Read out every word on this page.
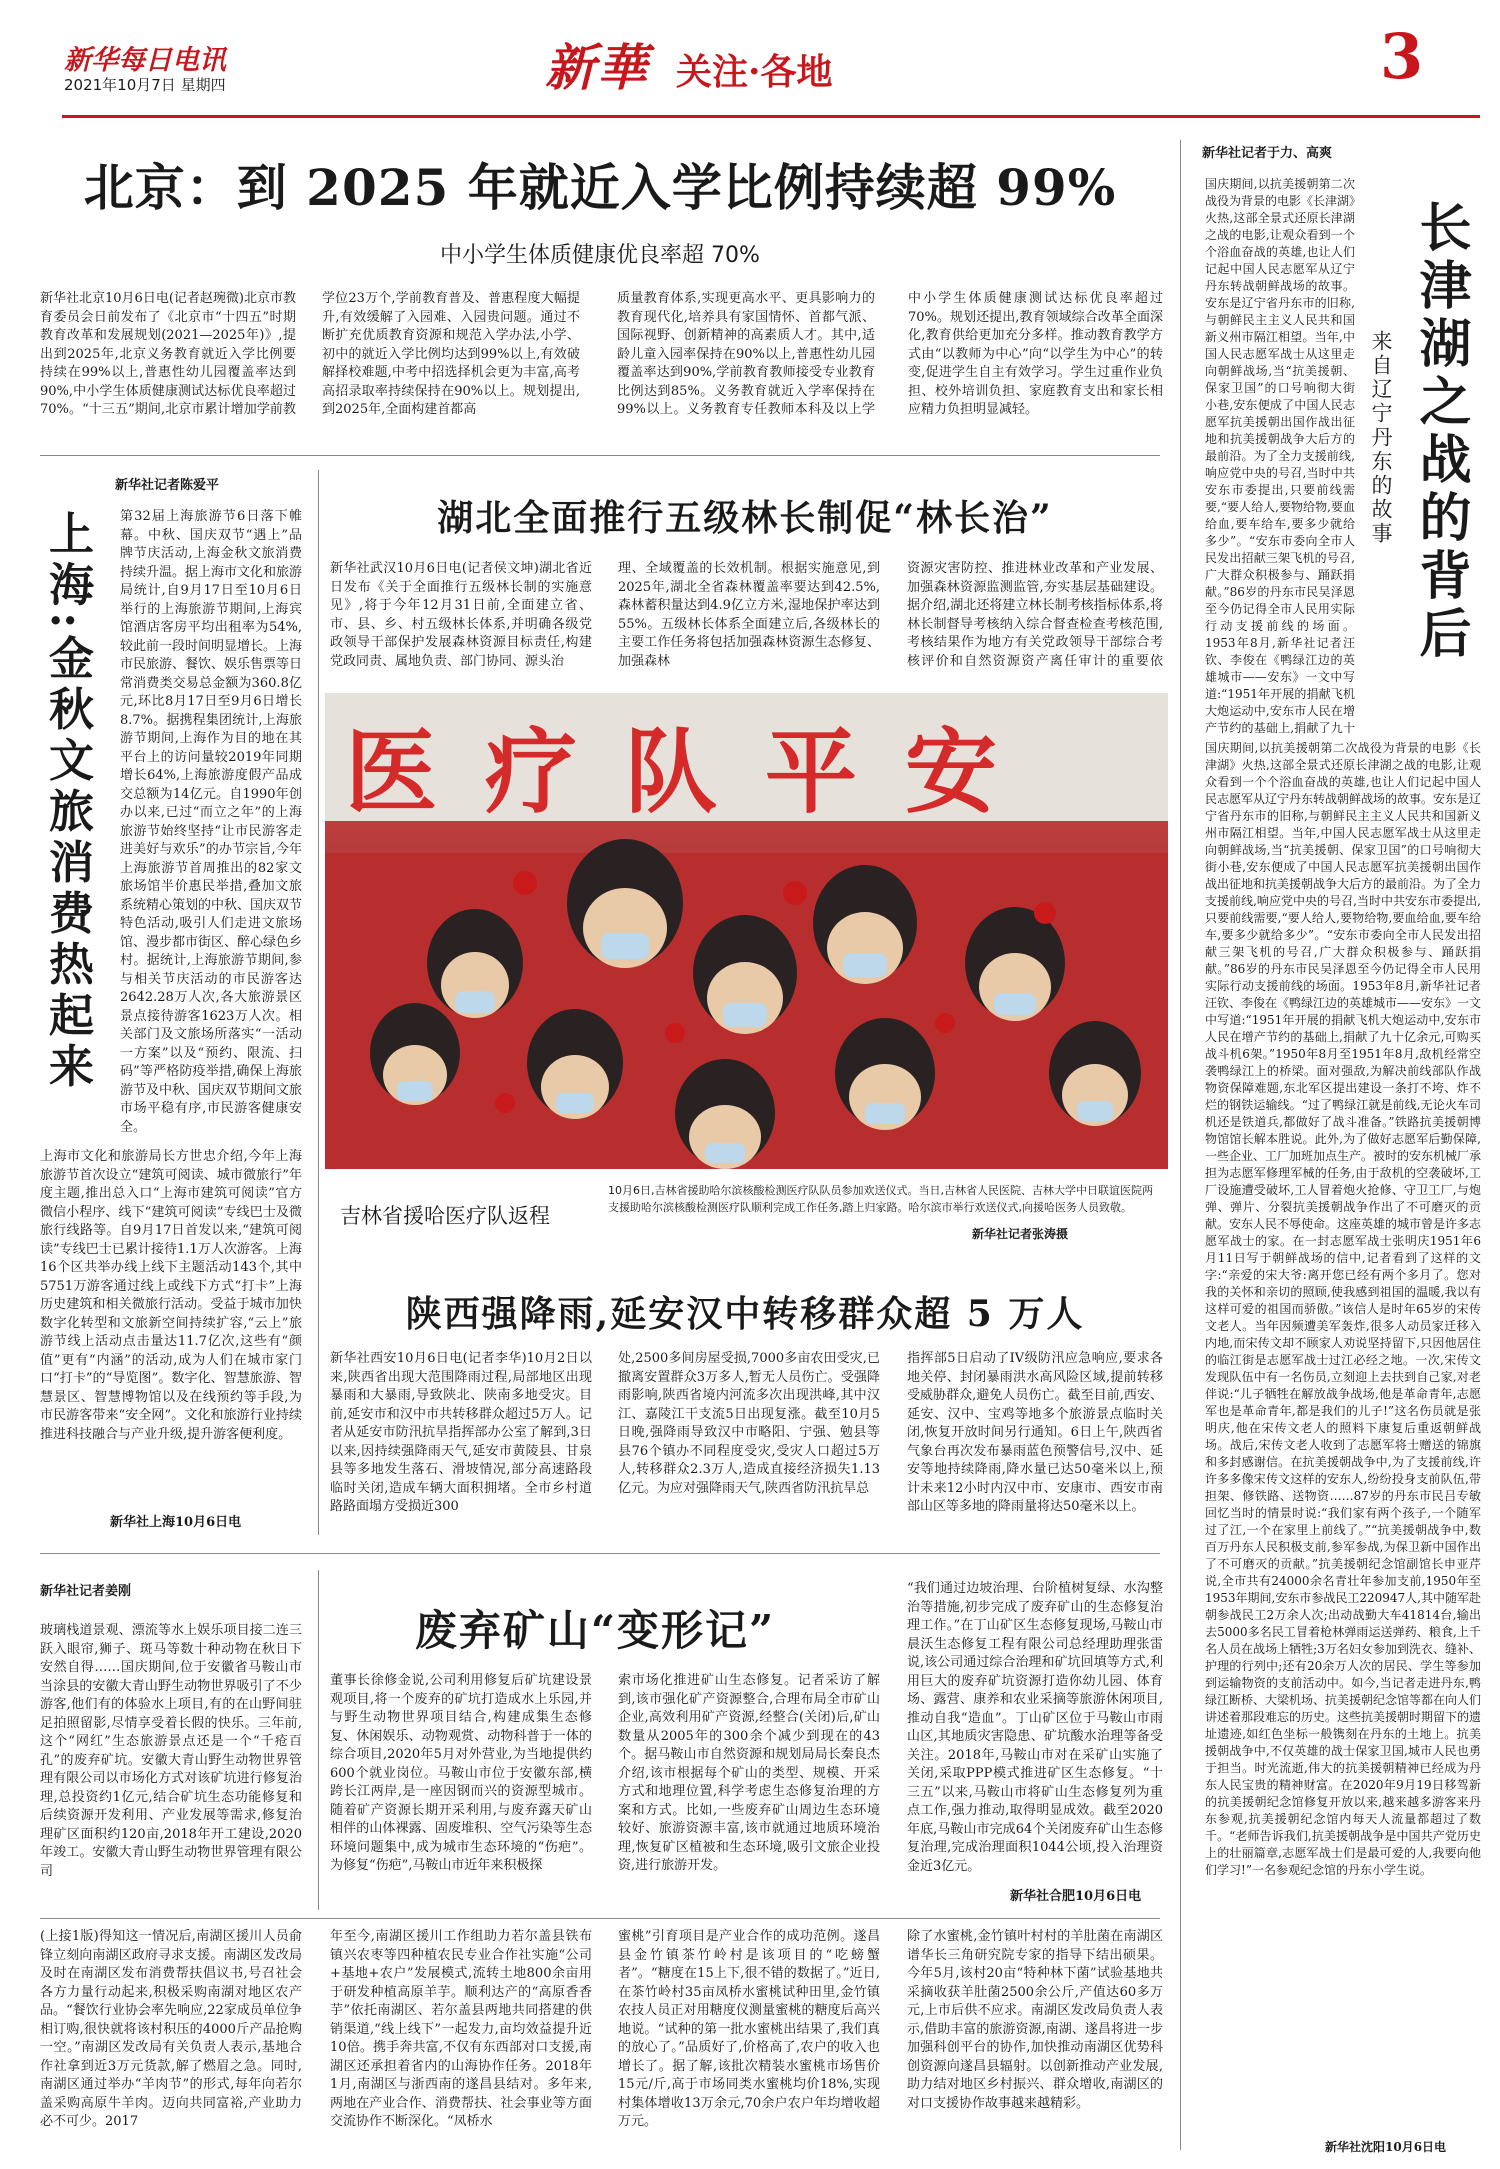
新华每日电讯
2021年10月7日 星期四	新華 关注·各地	3
北京：到 2025 年就近入学比例持续超 99%
中小学生体质健康优良率超 70%
新华社北京10月6日电(记者赵琬微)北京市教育委员会日前发布了《北京市“十四五”时期教育改革和发展规划(2021—2025年)》,提出到2025年,北京义务教育就近入学比例要持续在99%以上,普惠性幼儿园覆盖率达到90%,中小学生体质健康测试达标优良率超过70%。“十三五”期间,北京市累计增加学前教
学位23万个,学前教育普及、普惠程度大幅提升,有效缓解了入园难、入园贵问题。通过不断扩充优质教育资源和规范入学办法,小学、初中的就近入学比例均达到99%以上,有效破解择校难题,中考中招选择机会更为丰富,高考高招录取率持续保持在90%以上。规划提出,到2025年,全面构建首都高
质量教育体系,实现更高水平、更具影响力的教育现代化,培养具有家国情怀、首都气派、国际视野、创新精神的高素质人才。其中,适龄儿童入园率保持在90%以上,普惠性幼儿园覆盖率达到90%,学前教育教师接受专业教育比例达到85%。义务教育就近入学率保持在99%以上。义务教育专任教师本科及以上学
中小学生体质健康测试达标优良率超过70%。规划还提出,教育领域综合改革全面深化,教育供给更加充分多样。推动教育教学方式由“以教师为中心”向“以学生为中心”的转变,促进学生自主有效学习。学生过重作业负担、校外培训负担、家庭教育支出和家长相应精力负担明显减轻。
新华社记者陈爱平
上海:金秋文旅消费热起来 第32届上海旅游节6日落下帷幕。中秋、国庆双节“遇上”品牌节庆活动,上海金秋文旅消费持续升温。据上海市文化和旅游局统计,自9月17日至10月6日举行的上海旅游节期间,上海宾馆酒店客房平均出租率为54%,较此前一段时间明显增长。上海市民旅游、餐饮、娱乐售票等日常消费类交易总金额为360.8亿元,环比8月17日至9月6日增长8.7%。据携程集团统计,上海旅游节期间,上海作为目的地在其平台上的访问量较2019年同期增长64%,上海旅游度假产品成交总额为14亿元。自1990年创办以来,已过“而立之年”的上海旅游节始终坚持“让市民游客走进美好与欢乐”的办节宗旨,今年上海旅游节首周推出的82家文旅场馆半价惠民举措,叠加文旅系统精心策划的中秋、国庆双节特色活动,吸引人们走进文旅场馆、漫步都市街区、醉心绿色乡村。据统计,上海旅游节期间,参与相关节庆活动的市民游客达2642.28万人次,各大旅游景区景点接待游客1623万人次。相关部门及文旅场所落实“一活动一方案”以及“预约、限流、扫码”等严格防疫举措,确保上海旅游节及中秋、国庆双节期间文旅市场平稳有序,市民游客健康安全。
上海市文化和旅游局长方世忠介绍,今年上海旅游节首次设立“建筑可阅读、城市微旅行”年度主题,推出总入口“上海市建筑可阅读”官方微信小程序、线下“建筑可阅读”专线巴士及微旅行线路等。自9月17日首发以来,“建筑可阅读”专线巴士已累计接待1.1万人次游客。上海16个区共举办线上线下主题活动143个,其中5751万游客通过线上或线下方式“打卡”上海历史建筑和相关微旅行活动。受益于城市加快数字化转型和文旅新空间持续扩容,“云上”旅游节线上活动点击量达11.7亿次,这些有“颜值”更有“内涵”的活动,成为人们在城市家门口“打卡”的“导览图”。数字化、智慧旅游、智慧景区、智慧博物馆以及在线预约等手段,为市民游客带来“安全网”。文化和旅游行业持续推进科技融合与产业升级,提升游客便利度。
新华社上海10月6日电
湖北全面推行五级林长制促“林长治”
新华社武汉10月6日电(记者侯文坤)湖北省近日发布《关于全面推行五级林长制的实施意见》,将于今年12月31日前,全面建立省、市、县、乡、村五级林长体系,并明确各级党政领导干部保护发展森林资源目标责任,构建党政同责、属地负责、部门协同、源头治
理、全域覆盖的长效机制。根据实施意见,到2025年,湖北全省森林覆盖率要达到42.5%,森林蓄积量达到4.9亿立方米,湿地保护率达到55%。五级林长体系全面建立后,各级林长的主要工作任务将包括加强森林资源生态修复、加强森林
资源灾害防控、推进林业改革和产业发展、加强森林资源监测监管,夯实基层基础建设。据介绍,湖北还将建立林长制考核指标体系,将林长制督导考核纳入综合督查检查考核范围,考核结果作为地方有关党政领导干部综合考核评价和自然资源资产离任审计的重要依
医疗队平安
吉林省援哈医疗队返程
10月6日,吉林省援助哈尔滨核酸检测医疗队队员参加欢送仪式。当日,吉林省人民医院、吉林大学中日联谊医院两支援助哈尔滨核酸检测医疗队顺利完成工作任务,踏上归家路。哈尔滨市举行欢送仪式,向援哈医务人员致敬。
新华社记者张涛摄
陕西强降雨,延安汉中转移群众超 5 万人
新华社西安10月6日电(记者李华)10月2日以来,陕西省出现大范围降雨过程,局部地区出现暴雨和大暴雨,导致陕北、陕南多地受灾。目前,延安市和汉中市共转移群众超过5万人。记者从延安市防汛抗旱指挥部办公室了解到,3日以来,因持续强降雨天气,延安市黄陵县、甘泉县等多地发生落石、滑坡情况,部分高速路段临时关闭,造成车辆大面积拥堵。全市乡村道路路面塌方受损近300
处,2500多间房屋受损,7000多亩农田受灾,已撤离安置群众3万多人,暂无人员伤亡。受强降雨影响,陕西省境内河流多次出现洪峰,其中汉江、嘉陵江干支流5日出现复涨。截至10月5日晚,强降雨导致汉中市略阳、宁强、勉县等县76个镇办不同程度受灾,受灾人口超过5万人,转移群众2.3万人,造成直接经济损失1.13亿元。为应对强降雨天气,陕西省防汛抗旱总
指挥部5日启动了IV级防汛应急响应,要求各地关停、封闭暴雨洪水高风险区域,提前转移受威胁群众,避免人员伤亡。截至目前,西安、延安、汉中、宝鸡等地多个旅游景点临时关闭,恢复开放时间另行通知。6日上午,陕西省气象台再次发布暴雨蓝色预警信号,汉中、延安等地持续降雨,降水量已达50毫米以上,预计未来12小时内汉中市、安康市、西安市南部山区等多地的降雨量将达50毫米以上。
新华社记者姜刚
玻璃栈道景观、漂流等水上娱乐项目接二连三跃入眼帘,狮子、斑马等数十种动物在秋日下安然自得……国庆期间,位于安徽省马鞍山市当涂县的安徽大青山野生动物世界吸引了不少游客,他们有的体验水上项目,有的在山野间驻足拍照留影,尽情享受着长假的快乐。三年前,这个“网红”生态旅游景点还是一个“千疮百孔”的废弃矿坑。安徽大青山野生动物世界管理有限公司以市场化方式对该矿坑进行修复治理,总投资约1亿元,结合矿坑生态功能修复和后续资源开发利用、产业发展等需求,修复治理矿区面积约120亩,2018年开工建设,2020年竣工。安徽大青山野生动物世界管理有限公司
废弃矿山“变形记”
董事长徐修金说,公司利用修复后矿坑建设景观项目,将一个废弃的矿坑打造成水上乐园,并与野生动物世界项目结合,构建成集生态修复、休闲娱乐、动物观赏、动物科普于一体的综合项目,2020年5月对外营业,为当地提供约600个就业岗位。马鞍山市位于安徽东部,横跨长江两岸,是一座因钢而兴的资源型城市。随着矿产资源长期开采利用,与废弃露天矿山相伴的山体裸露、固废堆积、空气污染等生态环境问题集中,成为城市生态环境的“伤疤”。为修复“伤疤”,马鞍山市近年来积极探
索市场化推进矿山生态修复。记者采访了解到,该市强化矿产资源整合,合理布局全市矿山企业,高效利用矿产资源,经整合(关闭)后,矿山数量从2005年的300余个减少到现在的43个。据马鞍山市自然资源和规划局局长秦良杰介绍,该市根据每个矿山的类型、规模、开采方式和地理位置,科学考虑生态修复治理的方案和方式。比如,一些废弃矿山周边生态环境较好、旅游资源丰富,该市就通过地质环境治理,恢复矿区植被和生态环境,吸引文旅企业投资,进行旅游开发。
“我们通过边坡治理、台阶植树复绿、水沟整治等措施,初步完成了废弃矿山的生态修复治理工作。”在丁山矿区生态修复现场,马鞍山市晨沃生态修复工程有限公司总经理助理张雷说,该公司通过综合治理和矿坑回填等方式,利用巨大的废弃矿坑资源打造你幼儿园、体育场、露营、康养和农业采摘等旅游休闲项目,推动自我“造血”。丁山矿区位于马鞍山市雨山区,其地质灾害隐患、矿坑酸水治理等备受关注。2018年,马鞍山市对在采矿山实施了关闭,采取PPP模式推进矿区生态修复。“十三五”以来,马鞍山市将矿山生态修复列为重点工作,强力推动,取得明显成效。截至2020年底,马鞍山市完成64个关闭废弃矿山生态修复治理,完成治理面积1044公顷,投入治理资金近3亿元。
新华社合肥10月6日电
(上接1版)得知这一情况后,南湖区援川人员俞锋立刻向南湖区政府寻求支援。南湖区发改局及时在南湖区发布消费帮扶倡议书,号召社会各方力量行动起来,积极采购南湖对地区农产品。“餐饮行业协会率先响应,22家成员单位争相订购,很快就将该村积压的4000斤产品抢购一空。”南湖区发改局有关负责人表示,基地合作社拿到近3万元货款,解了燃眉之急。同时,南湖区通过举办“羊肉节”的形式,每年向若尔盖采购高原牛羊肉。迈向共同富裕,产业助力必不可少。2017
年至今,南湖区援川工作组助力若尔盖县铁布镇兴农枣等四种植农民专业合作社实施“公司+基地+农户”发展模式,流转土地800余亩用于研发种植高原羊芋。顺利达产的“高原香香芋”依托南湖区、若尔盖县两地共同搭建的供销渠道,“线上线下”一起发力,亩均效益提升近10倍。携手奔共富,不仅有东西部对口支援,南湖区还承担着省内的山海协作任务。2018年1月,南湖区与浙西南的遂昌县结对。多年来,两地在产业合作、消费帮扶、社会事业等方面交流协作不断深化。“凤桥水
蜜桃”引育项目是产业合作的成功范例。遂昌县金竹镇茶竹岭村是该项目的“吃螃蟹者”。“糖度在15上下,很不错的数据了。”近日,在茶竹岭村35亩凤桥水蜜桃试种田里,金竹镇农技人员正对用糖度仪测量蜜桃的糖度后高兴地说。“试种的第一批水蜜桃出结果了,我们真的放心了。”品质好了,价格高了,农户的收入也增长了。据了解,该批次精装水蜜桃市场售价15元/斤,高于市场同类水蜜桃均价18%,实现村集体增收13万余元,70余户农户年均增收超万元。
除了水蜜桃,金竹镇叶村村的羊肚菌在南湖区谱华长三角研究院专家的指导下结出硕果。今年5月,该村20亩“特种林下菌”试验基地共采摘收获羊肚菌2500余公斤,产值达60多万元,上市后供不应求。南湖区发改局负责人表示,借助丰富的旅游资源,南湖、遂昌将进一步加强科创平台的协作,加快推动南湖区优势科创资源向遂昌县辐射。以创新推动产业发展,助力结对地区乡村振兴、群众增收,南湖区的对口支援协作故事越来越精彩。
新华社记者于力、高爽
长津湖之战的背后
来自辽宁丹东的故事
国庆期间,以抗美援朝第二次战役为背景的电影《长津湖》火热,这部全景式还原长津湖之战的电影,让观众看到一个个浴血奋战的英雄,也让人们记起中国人民志愿军从辽宁丹东转战朝鲜战场的故事。安东是辽宁省丹东市的旧称,与朝鲜民主主义人民共和国新义州市隔江相望。当年,中国人民志愿军战士从这里走向朝鲜战场,当“抗美援朝、保家卫国”的口号响彻大街小巷,安东便成了中国人民志愿军抗美援朝出国作战出征地和抗美援朝战争大后方的最前沿。为了全力支援前线,响应党中央的号召,当时中共安东市委提出,只要前线需要,“要人给人,要物给物,要血给血,要车给车,要多少就给多少”。“安东市委向全市人民发出招献三架飞机的号召,广大群众积极参与、踊跃捐献。”86岁的丹东市民吴泽恩至今仍记得全市人民用实际行动支援前线的场面。1953年8月,新华社记者汪钦、李俊在《鸭绿江边的英雄城市——安东》一文中写道:“1951年开展的捐献飞机大炮运动中,安东市人民在增产节约的基础上,捐献了九十
国庆期间,以抗美援朝第二次战役为背景的电影《长津湖》火热,这部全景式还原长津湖之战的电影,让观众看到一个个浴血奋战的英雄,也让人们记起中国人民志愿军从辽宁丹东转战朝鲜战场的故事。安东是辽宁省丹东市的旧称,与朝鲜民主主义人民共和国新义州市隔江相望。当年,中国人民志愿军战士从这里走向朝鲜战场,当“抗美援朝、保家卫国”的口号响彻大街小巷,安东便成了中国人民志愿军抗美援朝出国作战出征地和抗美援朝战争大后方的最前沿。为了全力支援前线,响应党中央的号召,当时中共安东市委提出,只要前线需要,“要人给人,要物给物,要血给血,要车给车,要多少就给多少”。“安东市委向全市人民发出招献三架飞机的号召,广大群众积极参与、踊跃捐献。”86岁的丹东市民吴泽恩至今仍记得全市人民用实际行动支援前线的场面。1953年8月,新华社记者汪钦、李俊在《鸭绿江边的英雄城市——安东》一文中写道:“1951年开展的捐献飞机大炮运动中,安东市人民在增产节约的基础上,捐献了九十亿余元,可购买战斗机6架。”1950年8月至1951年8月,敌机经常空袭鸭绿江上的桥梁。面对强敌,为解决前线部队作战物资保障难题,东北军区提出建设一条打不垮、炸不烂的钢铁运输线。“过了鸭绿江就是前线,无论火车司机还是铁道兵,都做好了战斗准备。”铁路抗美援朝博物馆馆长解本胜说。此外,为了做好志愿军后勤保障,一些企业、工厂加班加点生产。被时的安东机械厂承担为志愿军修理军械的任务,由于敌机的空袭破坏,工厂设施遭受破坏,工人冒着炮火抢修、守卫工厂,与炮弹、弹片、分裂抗美援朝战争作出了不可磨灭的贡献。安东人民不辱使命。这座英雄的城市曾是许多志愿军战士的家。在一封志愿军战士张明庆1951年6月11日写于朝鲜战场的信中,记者看到了这样的文字:“亲爱的宋大爷:离开您已经有两个多月了。您对我的关怀和亲切的照顾,使我感到祖国的温暖,我以有这样可爱的祖国而骄傲。”该信人是时年65岁的宋传文老人。当年因频遭美军轰炸,很多人动员家迁移入内地,而宋传文却不顾家人劝说坚持留下,只因他居住的临江街是志愿军战士过江必经之地。一次,宋传文发现队伍中有一名伤员,立刻迎上去扶到自己家,对老伴说:“儿子牺牲在解放战争战场,他是革命青年,志愿军也是革命青年,都是我们的儿子!”这名伤员就是张明庆,他在宋传文老人的照料下康复后重返朝鲜战场。战后,宋传文老人收到了志愿军将士赠送的锦旗和多封感谢信。在抗美援朝战争中,为了支援前线,许许多多像宋传文这样的安东人,纷纷投身支前队伍,带担架、修铁路、送物资……87岁的丹东市民吕专敏回忆当时的情景时说:“我们家有两个孩子,一个随军过了江,一个在家里上前线了。”“抗美援朝战争中,数百万丹东人民积极支前,参军参战,为保卫新中国作出了不可磨灭的贡献。”抗美援朝纪念馆副馆长申亚芹说,全市共有24000余名青壮年参加支前,1950年至1953年期间,安东市参战民工220947人,其中随军赴朝参战民工2万余人次;出动战勤大车41814台,输出去5000多名民工冒着枪林弹雨运送弹药、粮食,上千名人员在战场上牺牲;3万名妇女参加到洗衣、缝补、护理的行列中;还有20余万人次的居民、学生等参加到运输物资的支前活动中。如今,当记者走进丹东,鸭绿江断桥、大梁机场、抗美援朝纪念馆等都在向人们讲述着那段难忘的历史。这些抗美援朝时期留下的遗址遗迹,如红色坐标一般镌刻在丹东的土地上。抗美援朝战争中,不仅英雄的战士保家卫国,城市人民也勇于担当。时光流逝,伟大的抗美援朝精神已经成为丹东人民宝贵的精神财富。在2020年9月19日移驾新的抗美援朝纪念馆修复开放以来,越来越多游客来丹东参观,抗美援朝纪念馆内每天人流量都超过了数千。“老师告诉我们,抗美援朝战争是中国共产党历史上的壮丽篇章,志愿军战士们是最可爱的人,我要向他们学习!”一名参观纪念馆的丹东小学生说。
新华社沈阳10月6日电
